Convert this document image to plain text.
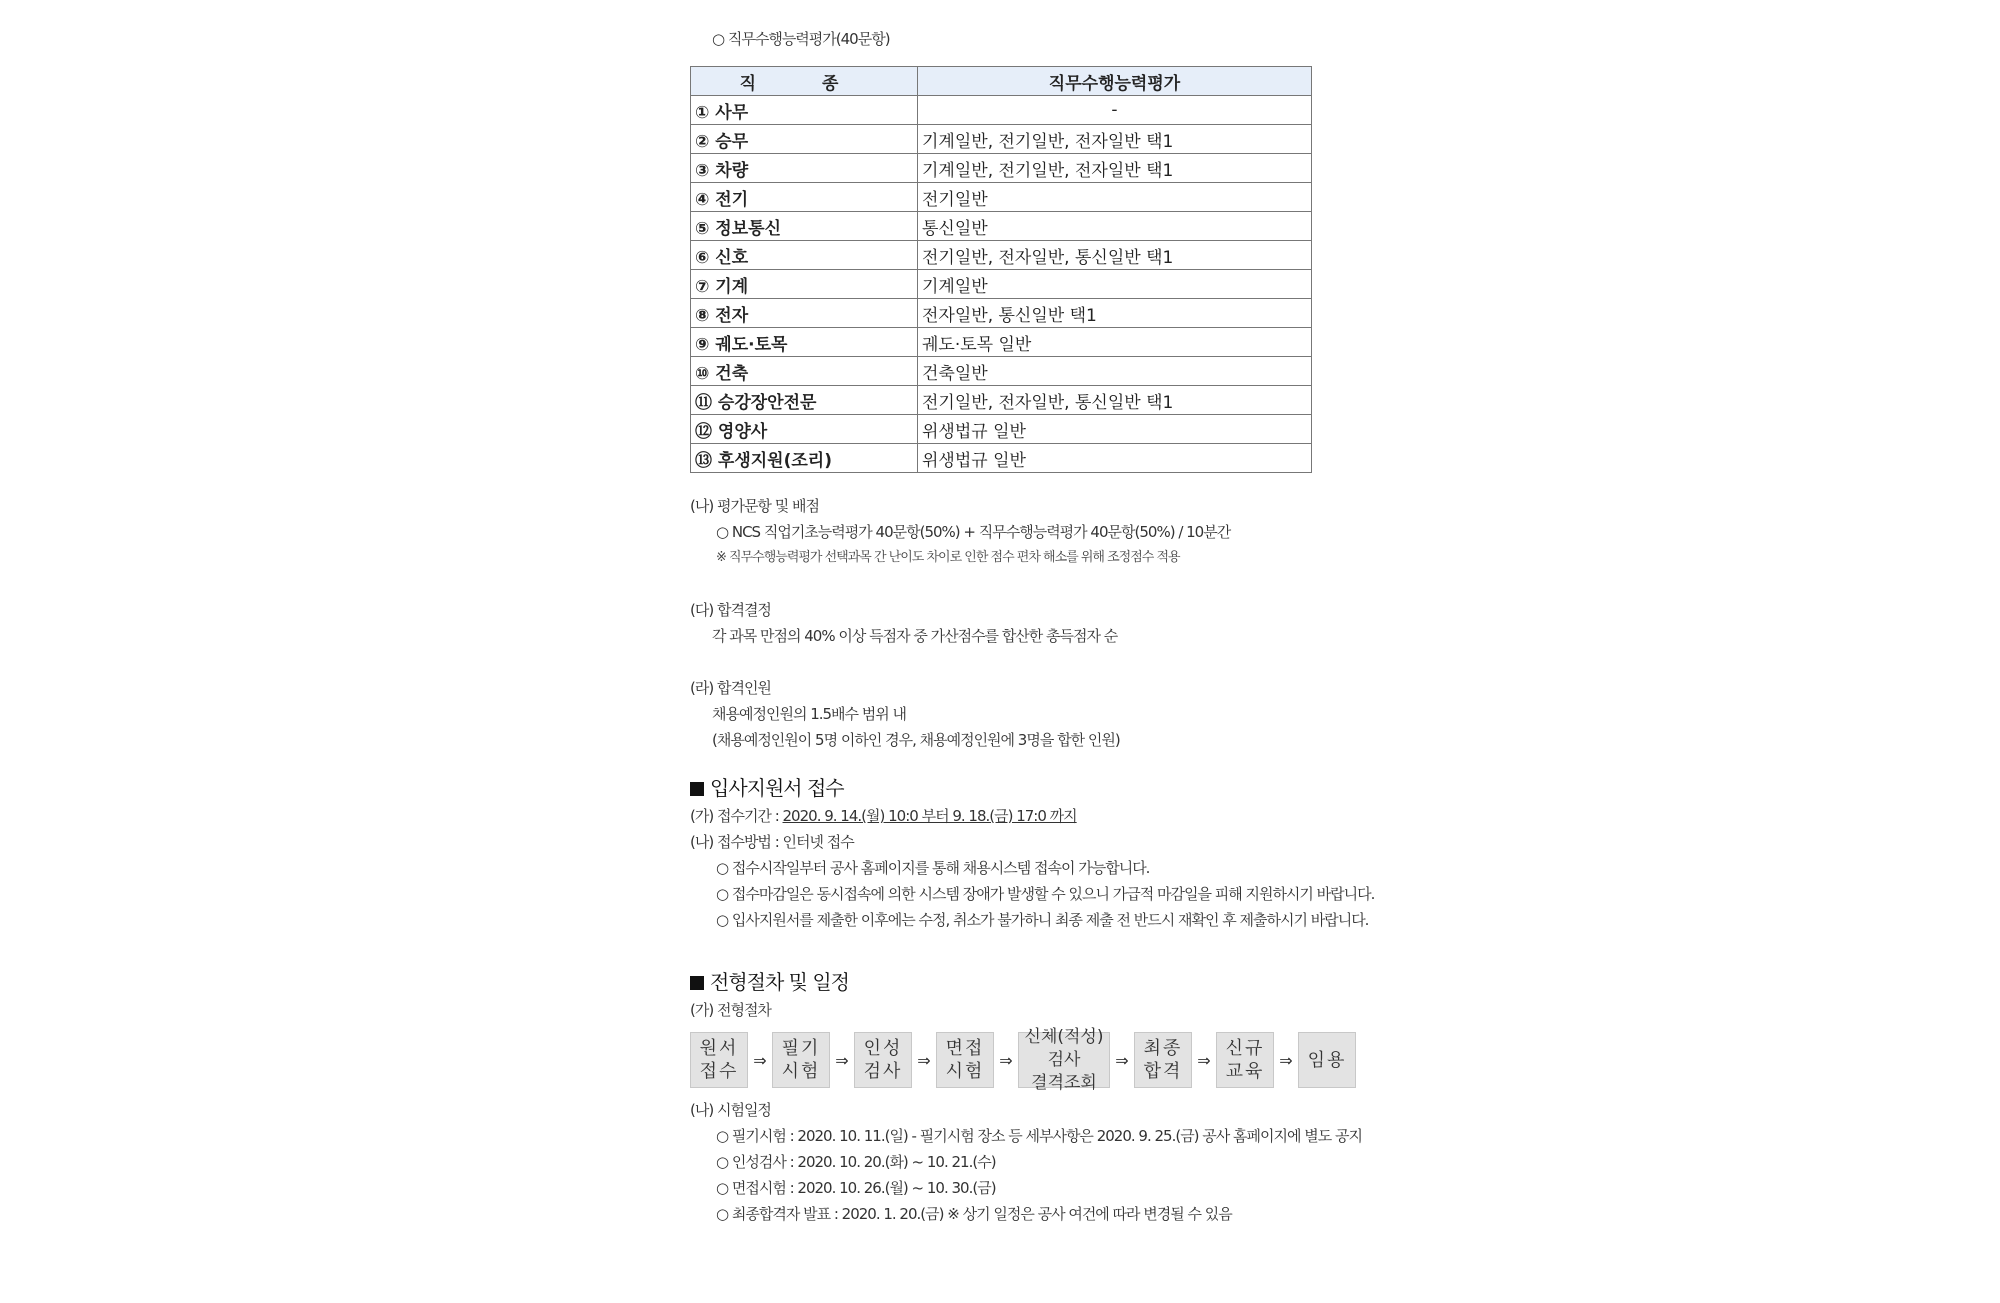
○ 직무수행능력평가(40문항)
직 종	직무수행능력평가
① 사무	-
② 승무	기계일반, 전기일반, 전자일반 택1
③ 차량	기계일반, 전기일반, 전자일반 택1
④ 전기	전기일반
⑤ 정보통신	통신일반
⑥ 신호	전기일반, 전자일반, 통신일반 택1
⑦ 기계	기계일반
⑧ 전자	전자일반, 통신일반 택1
⑨ 궤도·토목	궤도·토목 일반
⑩ 건축	건축일반
⑪ 승강장안전문	전기일반, 전자일반, 통신일반 택1
⑫ 영양사	위생법규 일반
⑬ 후생지원(조리)	위생법규 일반
(나) 평가문항 및 배점
○ NCS 직업기초능력평가 40문항(50%) + 직무수행능력평가 40문항(50%) / 10분간
※ 직무수행능력평가 선택과목 간 난이도 차이로 인한 점수 편차 해소를 위해 조정점수 적용
(다) 합격결정
각 과목 만점의 40% 이상 득점자 중 가산점수를 합산한 총득점자 순
(라) 합격인원
채용예정인원의 1.5배수 범위 내
(채용예정인원이 5명 이하인 경우, 채용예정인원에 3명을 합한 인원)
입사지원서 접수
(가) 접수기간 : 2020. 9. 14.(월) 10:0 부터 9. 18.(금) 17:0 까지
(나) 접수방법 : 인터넷 접수
○ 접수시작일부터 공사 홈페이지를 통해 채용시스템 접속이 가능합니다.
○ 접수마감일은 동시접속에 의한 시스템 장애가 발생할 수 있으니 가급적 마감일을 피해 지원하시기 바랍니다.
○ 입사지원서를 제출한 이후에는 수정, 취소가 불가하니 최종 제출 전 반드시 재확인 후 제출하시기 바랍니다.
전형절차 및 일정
(가) 전형절차
원서
접수
⇒
필기
시험
⇒
인성
검사
⇒
면접
시험
⇒
신체(적성)검사
결격조회
⇒
최종
합격
⇒
신규
교육
⇒ 임용
(나) 시험일정
○ 필기시험 : 2020. 10. 11.(일) - 필기시험 장소 등 세부사항은 2020. 9. 25.(금) 공사 홈페이지에 별도 공지
○ 인성검사 : 2020. 10. 20.(화) ~ 10. 21.(수)
○ 면접시험 : 2020. 10. 26.(월) ~ 10. 30.(금)
○ 최종합격자 발표 : 2020. 1. 20.(금) ※ 상기 일정은 공사 여건에 따라 변경될 수 있음
